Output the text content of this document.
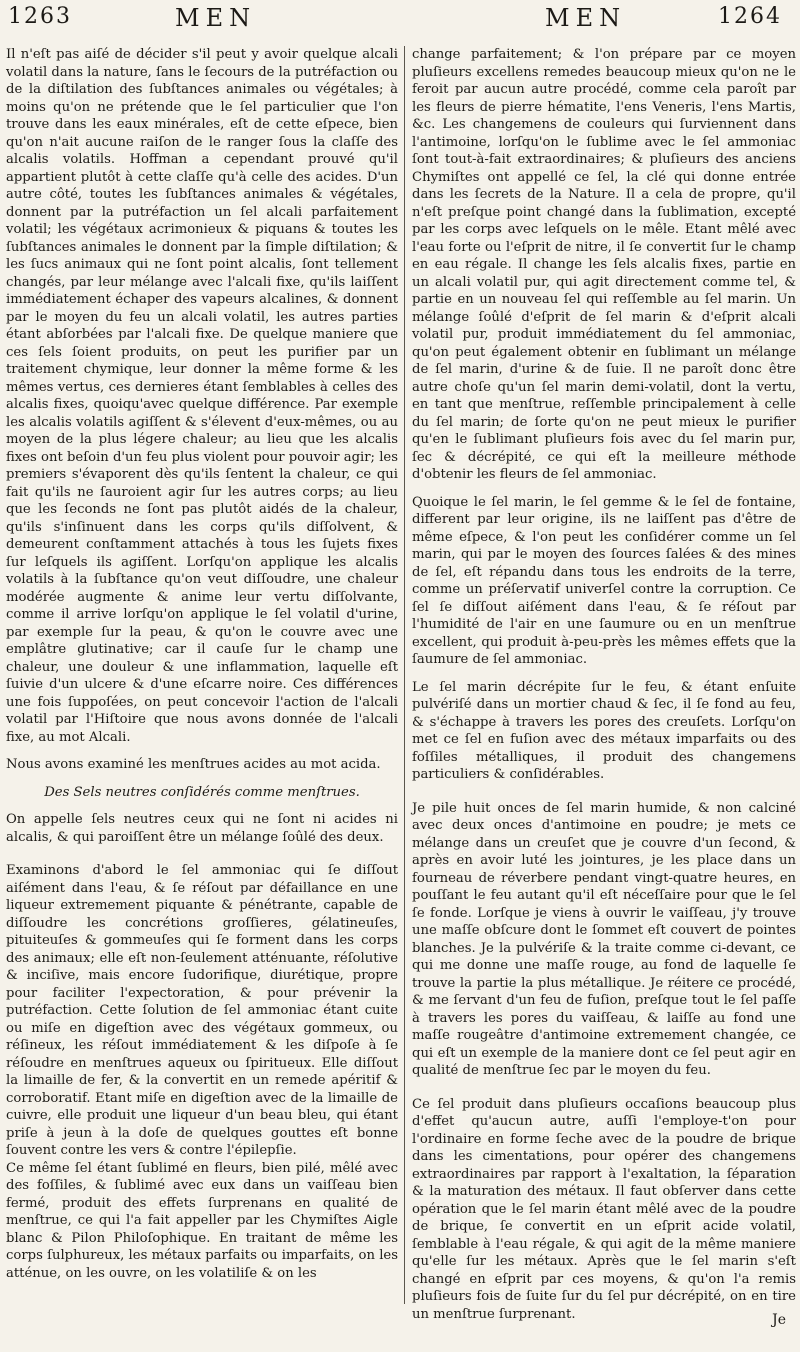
1263	MEN	MEN	1264

Il n'eſt pas aiſé de décider s'il peut y avoir quelque alcali volatil dans la nature, ſans le ſecours de la putréfaction ou de la diſtilation des ſubſtances animales ou végétales; à moins qu'on ne prétende que le ſel particulier que l'on trouve dans les eaux minérales, eſt de cette eſpece, bien qu'on n'ait aucune raiſon de le ranger ſous la claſſe des alcalis volatils. Hoffman a cependant prouvé qu'il appartient plutôt à cette claſſe qu'à celle des acides. D'un autre côté, toutes les ſubſtances animales & végétales, donnent par la putréfaction un ſel alcali parfaitement volatil; les végétaux acrimonieux & piquans & toutes les ſubſtances animales le donnent par la ſimple diſtilation; & les ſucs animaux qui ne ſont point alcalis, ſont tellement changés, par leur mélange avec l'alcali fixe, qu'ils laiſſent immédiatement échaper des vapeurs alcalines, & donnent par le moyen du feu un alcali volatil, les autres parties étant abſorbées par l'alcali fixe. De quelque maniere que ces ſels ſoient produits, on peut les purifier par un traitement chymique, leur donner la même forme & les mêmes vertus, ces dernieres étant ſemblables à celles des alcalis fixes, quoiqu'avec quelque différence. Par exemple les alcalis volatils agiſſent & s'élevent d'eux-mêmes, ou au moyen de la plus légere chaleur; au lieu que les alcalis fixes ont beſoin d'un feu plus violent pour pouvoir agir; les premiers s'évaporent dès qu'ils ſentent la chaleur, ce qui fait qu'ils ne ſauroient agir ſur les autres corps; au lieu que les ſeconds ne ſont pas plutôt aidés de la chaleur, qu'ils s'inſinuent dans les corps qu'ils diſſolvent, & demeurent conſtamment attachés à tous les ſujets fixes ſur leſquels ils agiſſent. Lorſqu'on applique les alcalis volatils à la ſubſtance qu'on veut diſſoudre, une chaleur modérée augmente & anime leur vertu diſſolvante, comme il arrive lorſqu'on applique le ſel volatil d'urine, par exemple ſur la peau, & qu'on le couvre avec une emplâtre glutinative; car il cauſe ſur le champ une chaleur, une douleur & une inflammation, laquelle eſt ſuivie d'un ulcere & d'une eſcarre noire. Ces différences une fois ſuppoſées, on peut concevoir l'action de l'alcali volatil par l'Hiſtoire que nous avons donnée de l'alcali fixe, au mot Alcali.

Nous avons examiné les menſtrues acides au mot acida.

Des Sels neutres conſidérés comme menſtrues.

On appelle ſels neutres ceux qui ne ſont ni acides ni alcalis, & qui paroiſſent être un mélange ſoûlé des deux.

Examinons d'abord le ſel ammoniac qui ſe diſſout aiſément dans l'eau, & ſe réſout par défaillance en une liqueur extremement piquante & pénétrante, capable de diſſoudre les concrétions groſſieres, gélatineuſes, pituiteuſes & gommeuſes qui ſe forment dans les corps des animaux; elle eſt non-ſeulement atténuante, réſolutive & inciſive, mais encore ſudorifique, diurétique, propre pour faciliter l'expectoration, & pour prévenir la putréfaction. Cette ſolution de ſel ammoniac étant cuite ou miſe en digeſtion avec des végétaux gommeux, ou réſineux, les réſout immédiatement & les diſpoſe à ſe réſoudre en menſtrues aqueux ou ſpiritueux. Elle diſſout la limaille de fer, & la convertit en un remede apéritif & corroboratif. Etant miſe en digeſtion avec de la limaille de cuivre, elle produit une liqueur d'un beau bleu, qui étant priſe à jeun à la doſe de quelques gouttes eſt bonne ſouvent contre les vers & contre l'épilepſie.

Ce même ſel étant ſublimé en fleurs, bien pilé, mêlé avec des foſſiles, & ſublimé avec eux dans un vaiſſeau bien fermé, produit des effets ſurprenans en qualité de menſtrue, ce qui l'a fait appeller par les Chymiſtes Aigle blanc & Pilon Philoſophique. En traitant de même les corps ſulphureux, les métaux parfaits ou imparfaits, on les atténue, on les ouvre, on les volatiliſe & on les

change parfaitement; & l'on prépare par ce moyen pluſieurs excellens remedes beaucoup mieux qu'on ne le feroit par aucun autre procédé, comme cela paroît par les fleurs de pierre hématite, l'ens Veneris, l'ens Martis, &c. Les changemens de couleurs qui ſurviennent dans l'antimoine, lorſqu'on le ſublime avec le ſel ammoniac ſont tout-à-fait extraordinaires; & pluſieurs des anciens Chymiſtes ont appellé ce ſel, la clé qui donne entrée dans les ſecrets de la Nature. Il a cela de propre, qu'il n'eſt preſque point changé dans la ſublimation, excepté par les corps avec leſquels on le mêle. Etant mêlé avec l'eau forte ou l'eſprit de nitre, il ſe convertit ſur le champ en eau régale. Il change les ſels alcalis fixes, partie en un alcali volatil pur, qui agit directement comme tel, & partie en un nouveau ſel qui reſſemble au ſel marin. Un mélange ſoûlé d'eſprit de ſel marin & d'eſprit alcali volatil pur, produit immédiatement du ſel ammoniac, qu'on peut également obtenir en ſublimant un mélange de ſel marin, d'urine & de ſuie. Il ne paroît donc être autre choſe qu'un ſel marin demi-volatil, dont la vertu, en tant que menſtrue, reſſemble principalement à celle du ſel marin; de ſorte qu'on ne peut mieux le purifier qu'en le ſublimant pluſieurs fois avec du ſel marin pur, ſec & décrépité, ce qui eſt la meilleure méthode d'obtenir les fleurs de ſel ammoniac.

Quoique le ſel marin, le ſel gemme & le ſel de fontaine, different par leur origine, ils ne laiſſent pas d'être de même eſpece, & l'on peut les conſidérer comme un ſel marin, qui par le moyen des ſources ſalées & des mines de ſel, eſt répandu dans tous les endroits de la terre, comme un préſervatif univerſel contre la corruption. Ce ſel ſe diſſout aiſément dans l'eau, & ſe réſout par l'humidité de l'air en une ſaumure ou en un menſtrue excellent, qui produit à-peu-près les mêmes effets que la ſaumure de ſel ammoniac.

Le ſel marin décrépite ſur le feu, & étant enſuite pulvériſé dans un mortier chaud & ſec, il ſe fond au feu, & s'échappe à travers les pores des creuſets. Lorſqu'on met ce ſel en fuſion avec des métaux imparfaits ou des foſſiles métalliques, il produit des changemens particuliers & conſidérables.

Je pile huit onces de ſel marin humide, & non calciné avec deux onces d'antimoine en poudre; je mets ce mélange dans un creuſet que je couvre d'un ſecond, & après en avoir luté les jointures, je les place dans un fourneau de réverbere pendant vingt-quatre heures, en pouſſant le feu autant qu'il eſt néceſſaire pour que le ſel ſe fonde. Lorſque je viens à ouvrir le vaiſſeau, j'y trouve une maſſe obſcure dont le ſommet eſt couvert de pointes blanches. Je la pulvériſe & la traite comme ci-devant, ce qui me donne une maſſe rouge, au fond de laquelle ſe trouve la partie la plus métallique. Je réitere ce procédé, & me ſervant d'un feu de fuſion, preſque tout le ſel paſſe à travers les pores du vaiſſeau, & laiſſe au fond une maſſe rougeâtre d'antimoine extremement changée, ce qui eſt un exemple de la maniere dont ce ſel peut agir en qualité de menſtrue ſec par le moyen du feu.

Ce ſel produit dans pluſieurs occaſions beaucoup plus d'effet qu'aucun autre, auſſi l'employe-t'on pour l'ordinaire en forme ſeche avec de la poudre de brique dans les cimentations, pour opérer des changemens extraordinaires par rapport à l'exaltation, la ſéparation & la maturation des métaux. Il faut obſerver dans cette opération que le ſel marin étant mêlé avec de la poudre de brique, ſe convertit en un eſprit acide volatil, ſemblable à l'eau régale, & qui agit de la même maniere qu'elle ſur les métaux. Après que le ſel marin s'eſt changé en eſprit par ces moyens, & qu'on l'a remis pluſieurs fois de ſuite ſur du ſel pur décrépité, on en tire un menſtrue ſurprenant.	Je
